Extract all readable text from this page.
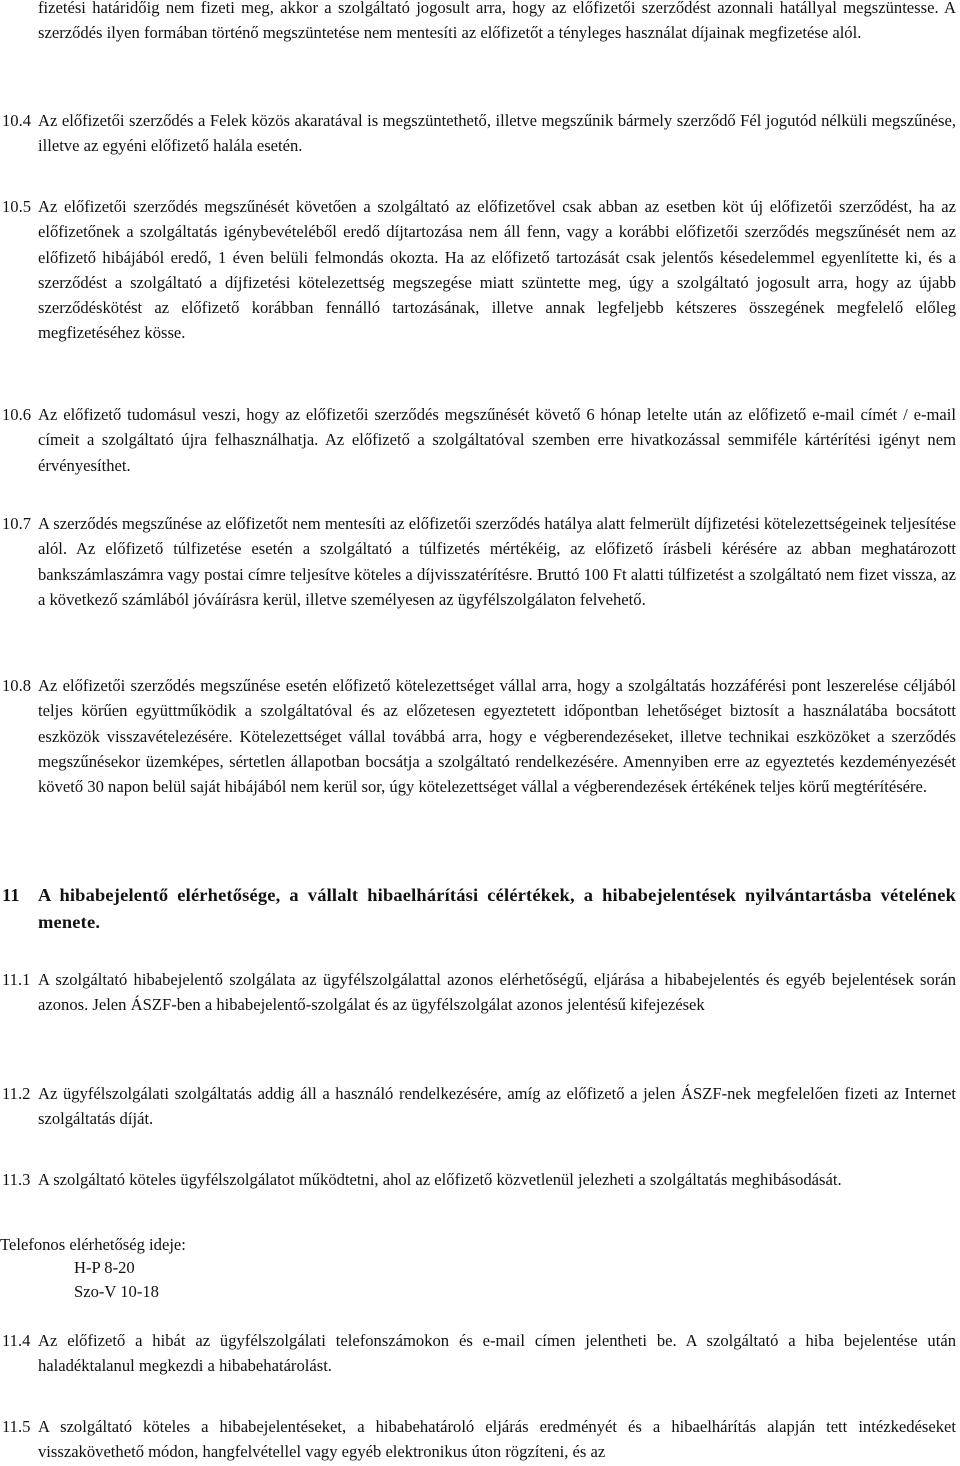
fizetési határidőig nem fizeti meg, akkor a szolgáltató jogosult arra, hogy az előfizetői szerződést azonnali hatállyal megszüntesse. A szerződés ilyen formában történő megszüntetése nem mentesíti az előfizetőt a tényleges használat díjainak megfizetése alól.
10.4 Az előfizetői szerződés a Felek közös akaratával is megszüntethető, illetve megszűnik bármely szerződő Fél jogutód nélküli megszűnése, illetve az egyéni előfizető halála esetén.
10.5 Az előfizetői szerződés megszűnését követően a szolgáltató az előfizetővel csak abban az esetben köt új előfizetői szerződést, ha az előfizetőnek a szolgáltatás igénybevételéből eredő díjtartozása nem áll fenn, vagy a korábbi előfizetői szerződés megszűnését nem az előfizető hibájából eredő, 1 éven belüli felmondás okozta. Ha az előfizető tartozását csak jelentős késedelemmel egyenlítette ki, és a szerződést a szolgáltató a díjfizetési kötelezettség megszegése miatt szüntette meg, úgy a szolgáltató jogosult arra, hogy az újabb szerződéskötést az előfizető korábban fennálló tartozásának, illetve annak legfeljebb kétszeres összegének megfelelő előleg megfizetéséhez kösse.
10.6 Az előfizető tudomásul veszi, hogy az előfizetői szerződés megszűnését követő 6 hónap letelte után az előfizető e-mail címét / e-mail címeit a szolgáltató újra felhasználhatja. Az előfizető a szolgáltatóval szemben erre hivatkozással semmiféle kártérítési igényt nem érvényesíthet.
10.7 A szerződés megszűnése az előfizetőt nem mentesíti az előfizetői szerződés hatálya alatt felmerült díjfizetési kötelezettségeinek teljesítése alól. Az előfizető túlfizetése esetén a szolgáltató a túlfizetés mértékéig, az előfizető írásbeli kérésére az abban meghatározott bankszámlaszámra vagy postai címre teljesítve köteles a díjvisszatérítésre. Bruttó 100 Ft alatti túlfizetést a szolgáltató nem fizet vissza, az a következő számlából jóváírásra kerül, illetve személyesen az ügyfélszolgálaton felvehető.
10.8 Az előfizetői szerződés megszűnése esetén előfizető kötelezettséget vállal arra, hogy a szolgáltatás hozzáférési pont leszerelése céljából teljes körűen együttműködik a szolgáltatóval és az előzetesen egyeztetett időpontban lehetőséget biztosít a használatába bocsátott eszközök visszavételezésére. Kötelezettséget vállal továbbá arra, hogy e végberendezéseket, illetve technikai eszközöket a szerződés megszűnésekor üzemképes, sértetlen állapotban bocsátja a szolgáltató rendelkezésére. Amennyiben erre az egyeztetés kezdeményezését követő 30 napon belül saját hibájából nem kerül sor, úgy kötelezettséget vállal a végberendezések értékének teljes körű megtérítésére.
11 A hibabejelentő elérhetősége, a vállalt hibaelhárítási célértékek, a hibabejelentések nyilvántartásba vételének menete.
11.1 A szolgáltató hibabejelentő szolgálata az ügyfélszolgálattal azonos elérhetőségű, eljárása a hibabejelentés és egyéb bejelentések során azonos. Jelen ÁSZF-ben a hibabejelentő-szolgálat és az ügyfélszolgálat azonos jelentésű kifejezések
11.2 Az ügyfélszolgálati szolgáltatás addig áll a használó rendelkezésére, amíg az előfizető a jelen ÁSZF-nek megfelelően fizeti az Internet szolgáltatás díját.
11.3 A szolgáltató köteles ügyfélszolgálatot működtetni, ahol az előfizető közvetlenül jelezheti a szolgáltatás meghibásodását.
Telefonos elérhetőség ideje:
H-P 8-20
Szo-V 10-18
11.4 Az előfizető a hibát az ügyfélszolgálati telefonszámokon és e-mail címen jelentheti be. A szolgáltató a hiba bejelentése után haladéktalanul megkezdi a hibabehatárolást.
11.5 A szolgáltató köteles a hibabejelentéseket, a hibabehatároló eljárás eredményét és a hibaelhárítás alapján tett intézkedéseket visszakövethető módon, hangfelvétellel vagy egyéb elektronikus úton rögzíteni, és az
